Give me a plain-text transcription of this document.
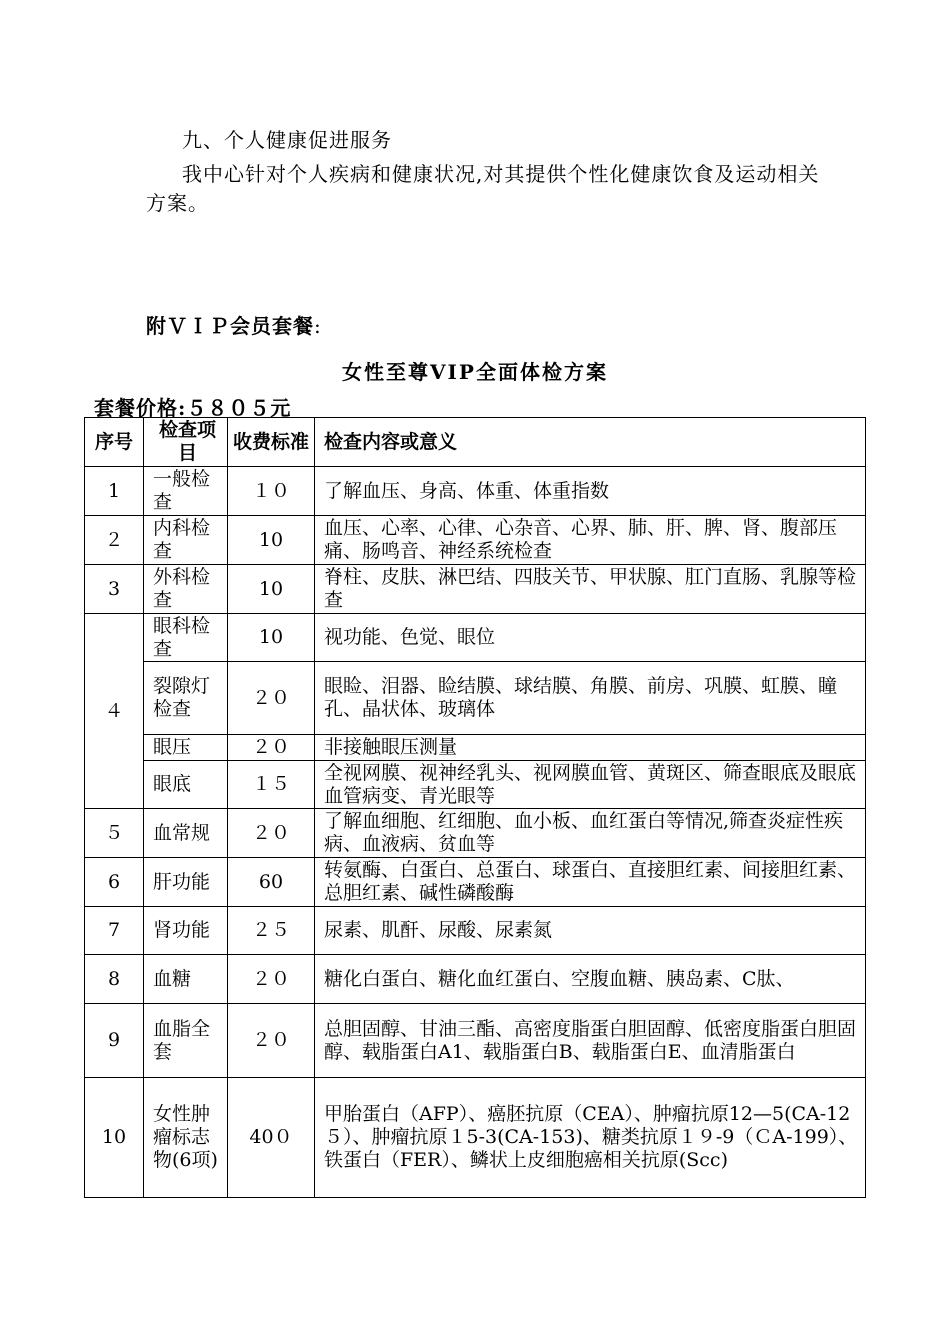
九、个人健康促进服务
我中心针对个人疾病和健康状况,对其提供个性化健康饮食及运动相关方案。
附ＶＩＰ会员套餐:
女性至尊VIP全面体检方案
套餐价格:５８０５元
序号	检查项目	收费标准	检查内容或意义
1	一般检查	１０	了解血压、身高、体重、体重指数
２	内科检查	10	血压、心率、心律、心杂音、心界、肺、肝、脾、肾、腹部压痛、肠鸣音、神经系统检查
3	外科检查	10	脊柱、皮肤、淋巴结、四肢关节、甲状腺、肛门直肠、乳腺等检查
４	眼科检查	10	视功能、色觉、眼位
	裂隙灯检查	２０	眼睑、泪器、睑结膜、球结膜、角膜、前房、巩膜、虹膜、瞳孔、晶状体、玻璃体
	眼压	２０	非接触眼压测量
	眼底	１５	全视网膜、视神经乳头、视网膜血管、黄斑区、筛查眼底及眼底血管病变、青光眼等
５	血常规	２０	了解血细胞、红细胞、血小板、血红蛋白等情况,筛查炎症性疾病、血液病、贫血等
6	肝功能	60	转氨酶、白蛋白、总蛋白、球蛋白、直接胆红素、间接胆红素、总胆红素、碱性磷酸酶
7	肾功能	２５	尿素、肌酐、尿酸、尿素氮
8	血糖	２０	糖化白蛋白、糖化血红蛋白、空腹血糖、胰岛素、C肽、
9	血脂全套	２０	总胆固醇、甘油三酯、高密度脂蛋白胆固醇、低密度脂蛋白胆固醇、载脂蛋白A1、载脂蛋白B、载脂蛋白E、血清脂蛋白
10	女性肿瘤标志物(6项)	40０	甲胎蛋白（AFP）、癌胚抗原（CEA）、肿瘤抗原12—5(CA-12５）、肿瘤抗原１5-3(CA-153)、糖类抗原１９-9（ＣA-199）、铁蛋白（FER）、鳞状上皮细胞癌相关抗原(Scc)
